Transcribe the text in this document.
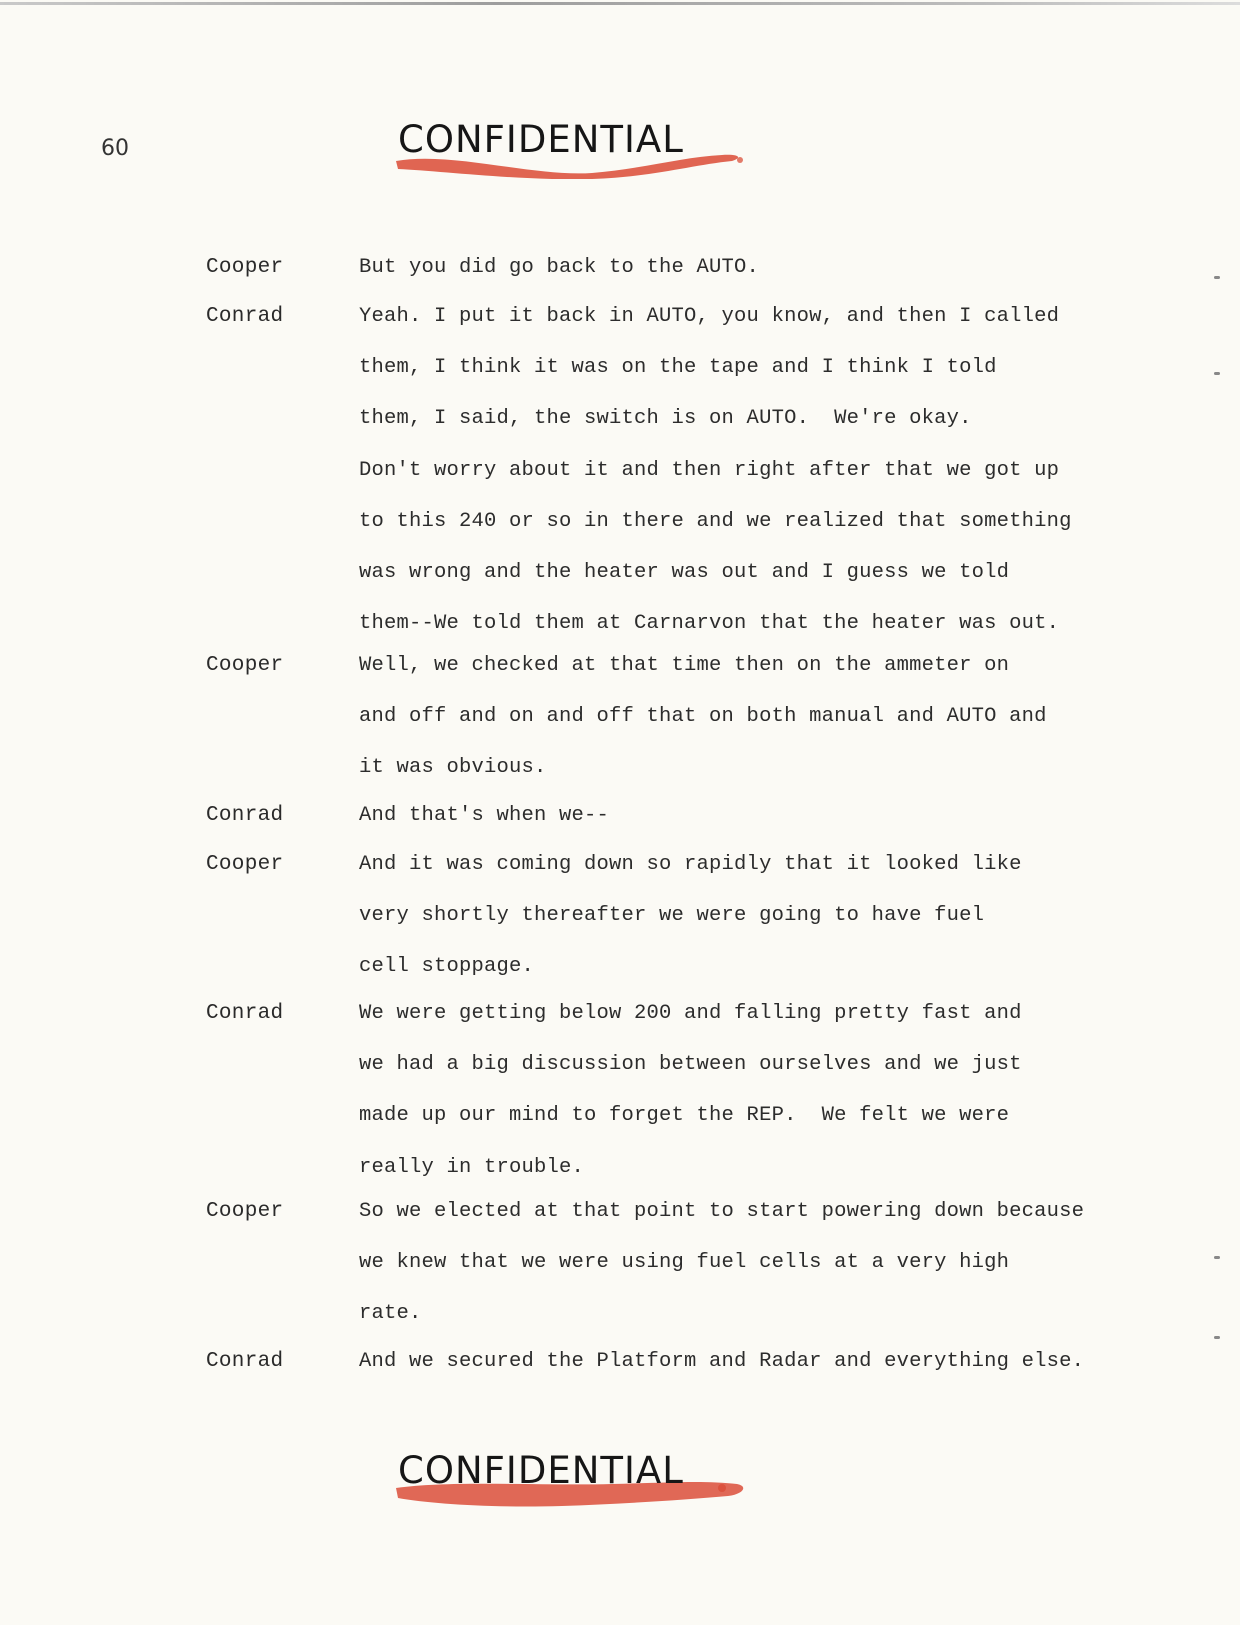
60	CONFIDENTIAL
Cooper	But you did go back to the AUTO.

Conrad	Yeah. I put it back in AUTO, you know, and then I called
them, I think it was on the tape and I think I told
them, I said, the switch is on AUTO.  We're okay.
Don't worry about it and then right after that we got up
to this 240 or so in there and we realized that something
was wrong and the heater was out and I guess we told
them--We told them at Carnarvon that the heater was out.

Cooper	Well, we checked at that time then on the ammeter on
and off and on and off that on both manual and AUTO and
it was obvious.

Conrad	And that's when we--

Cooper	And it was coming down so rapidly that it looked like
very shortly thereafter we were going to have fuel
cell stoppage.

Conrad	We were getting below 200 and falling pretty fast and
we had a big discussion between ourselves and we just
made up our mind to forget the REP.  We felt we were
really in trouble.

Cooper	So we elected at that point to start powering down because
we knew that we were using fuel cells at a very high
rate.

Conrad	And we secured the Platform and Radar and everything else.

CONFIDENTIAL
